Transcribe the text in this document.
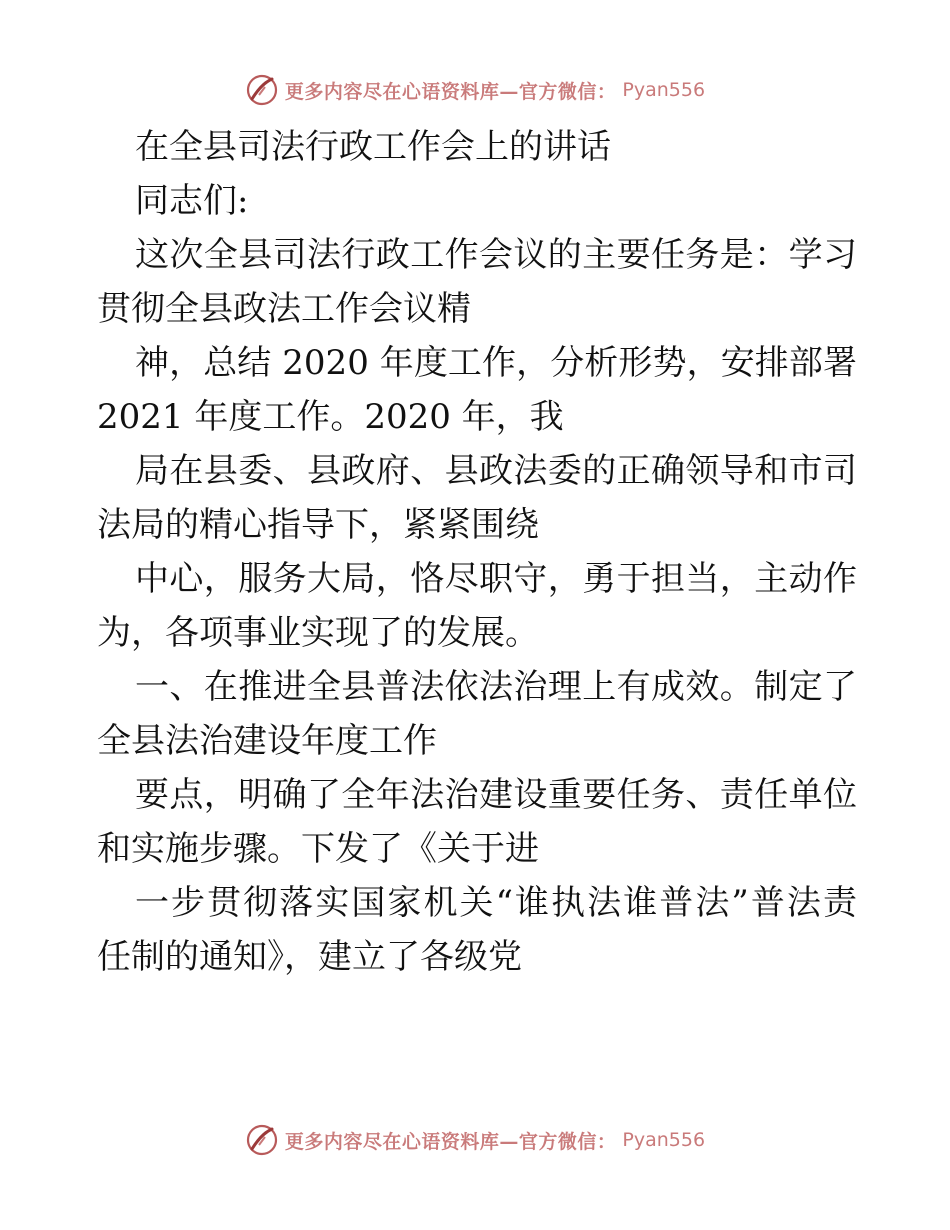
更多内容尽在心语资料库—官方微信： Pyan556
在全县司法行政工作会上的讲话
同志们:
这次全县司法行政工作会议的主要任务是：学习
贯彻全县政法工作会议精
神，总结 2020 年度工作，分析形势，安排部署
2021 年度工作。2020 年，我
局在县委、县政府、县政法委的正确领导和市司
法局的精心指导下，紧紧围绕
中心，服务大局，恪尽职守，勇于担当，主动作
为，各项事业实现了的发展。
一、在推进全县普法依法治理上有成效。制定了
全县法治建设年度工作
要点，明确了全年法治建设重要任务、责任单位
和实施步骤。下发了《关于进
一步贯彻落实国家机关“谁执法谁普法”普法责
任制的通知》，建立了各级党
更多内容尽在心语资料库—官方微信： Pyan556
